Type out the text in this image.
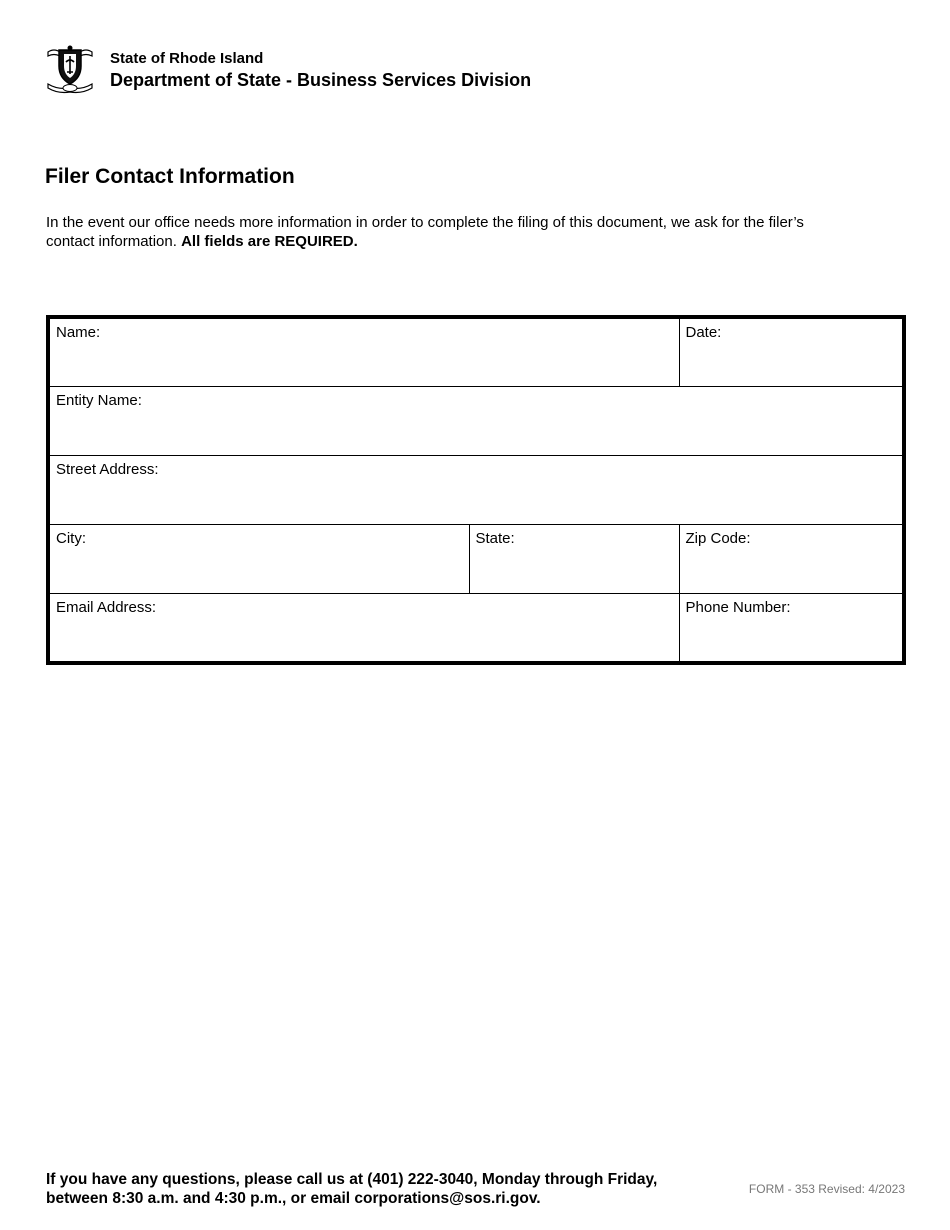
State of Rhode Island
Department of State - Business Services Division
Filer Contact Information
In the event our office needs more information in order to complete the filing of this document, we ask for the filer’s contact information. All fields are REQUIRED.
Name:		Date:
Entity Name:		
Street Address:		
City:	State:	Zip Code:
Email Address:		Phone Number:
If you have any questions, please call us at (401) 222-3040, Monday through Friday,
between 8:30 a.m. and 4:30 p.m., or email corporations@sos.ri.gov.
FORM - 353 Revised: 4/2023
